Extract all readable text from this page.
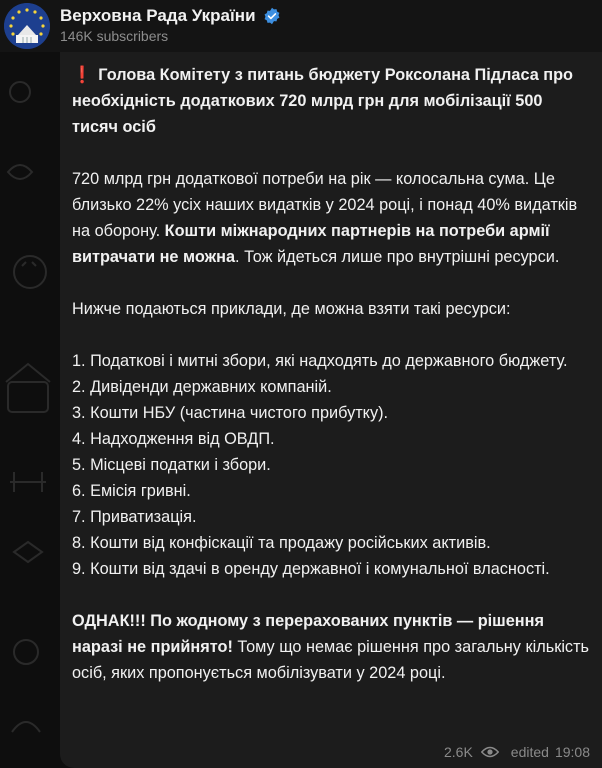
Верховна Рада України
146K subscribers

❗ Голова Комітету з питань бюджету Роксолана Підласа про необхідність додаткових 720 млрд грн для мобілізації 500 тисяч осіб

720 млрд грн додаткової потреби на рік — колосальна сума. Це близько 22% усіх наших видатків у 2024 році, і понад 40% видатків на оборону. Кошти міжнародних партнерів на потреби армії витрачати не можна. Тож йдеться лише про внутрішні ресурси.

Нижче подаються приклади, де можна взяти такі ресурси:

1. Податкові і митні збори, які надходять до державного бюджету.

2. Дивіденди державних компаній.

3. Кошти НБУ (частина чистого прибутку).

4. Надходження від ОВДП.

5. Місцеві податки і збори.

6. Емісія гривні.

7. Приватизація.

8. Кошти від конфіскації та продажу російських активів.

9. Кошти від здачі в оренду державної і комунальної власності.

ОДНАК!!! По жодному з перерахованих пунктів — рішення наразі не прийнято! Тому що немає рішення про загальну кількість осіб, яких пропонується мобілізувати у 2024 році.

2.6K	edited 19:08
